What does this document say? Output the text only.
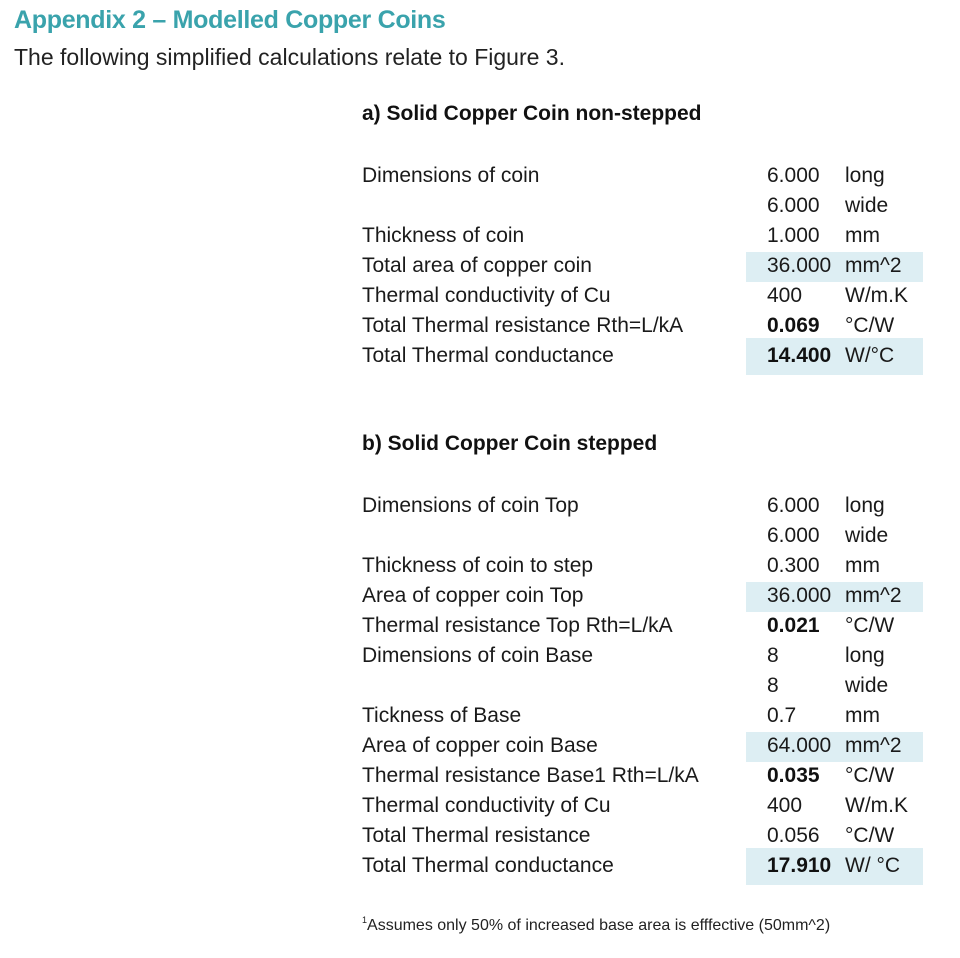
Appendix 2 – Modelled Copper Coins
The following simplified calculations relate to Figure 3.
a) Solid Copper Coin non-stepped
Dimensions of coin	6.000 long
6.000 wide
Thickness of coin	1.000 mm
Total area of copper coin	36.000 mm^2
Thermal conductivity of Cu	400 W/m.K
Total Thermal resistance Rth=L/kA	0.069 °C/W
Total Thermal conductance	14.400 W/°C
b) Solid Copper Coin stepped
Dimensions of coin Top	6.000 long
6.000 wide
Thickness of coin to step	0.300 mm
Area of copper coin Top	36.000 mm^2
Thermal resistance Top Rth=L/kA	0.021 °C/W
Dimensions of coin Base	8	long
8	wide
Tickness of Base	0.7 mm
Area of copper coin Base	64.000 mm^2
Thermal resistance Base1 Rth=L/kA	0.035 °C/W
Thermal conductivity of Cu	400 W/m.K
Total Thermal resistance	0.056 °C/W
Total Thermal conductance	17.910 W/ °C
$^1$Assumes only 50% of increased base area is efffective (50mm^2)
